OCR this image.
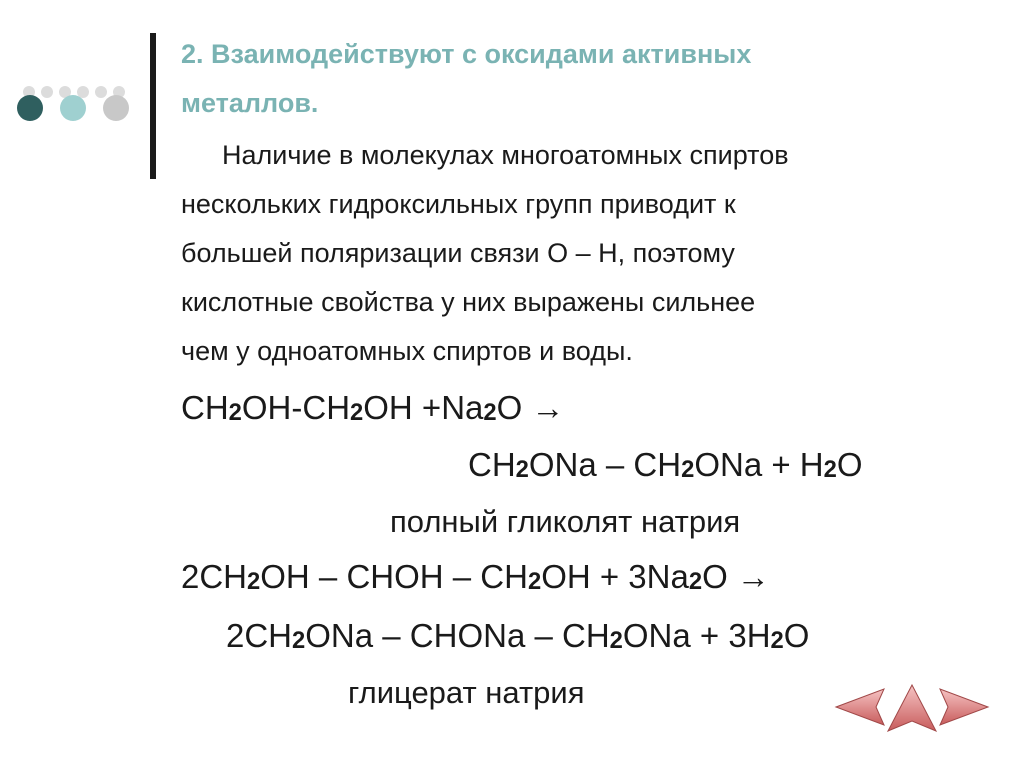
2. Взаимодействуют с оксидами активных
металлов.
Наличие в молекулах многоатомных спиртов
нескольких гидроксильных групп приводит к
большей поляризации связи О – Н, поэтому
кислотные свойства у них выражены сильнее
чем у одноатомных спиртов и воды.
$CH_2OH-CH_2OH +Na_2O$ →
$CH_2ONa - CH_2ONa + H_2O$
полный гликолят натрия
$2CH_2OH$ – CHOH – $CH_2OH + 3Na_2O$ →
$2CH_2ONa$ – CHONa – $CH_2ONa + 3H_2O$
глицерат натрия
